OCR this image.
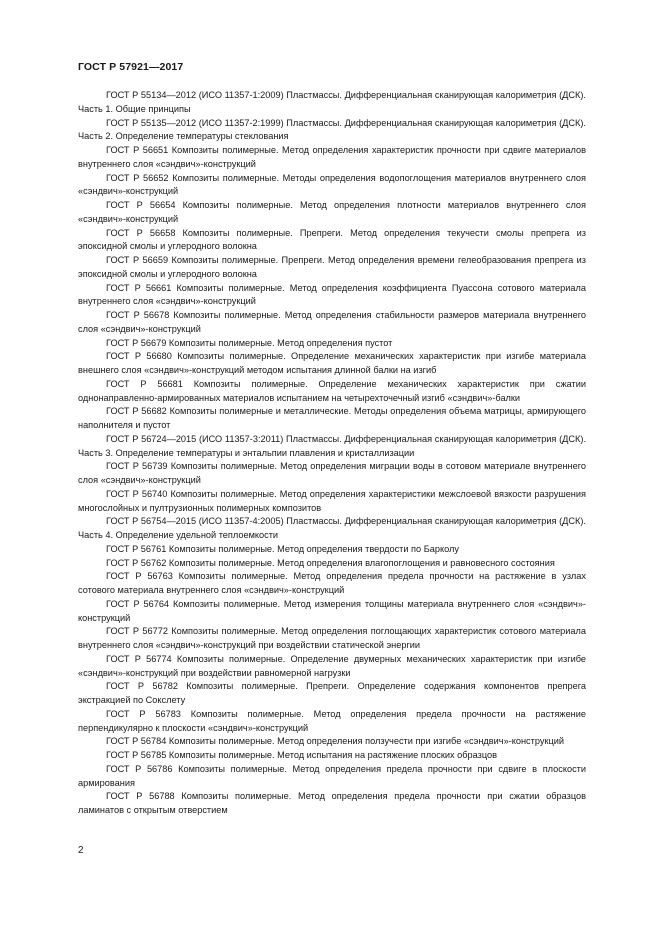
ГОСТ Р 57921—2017

ГОСТ Р 55134—2012 (ИСО 11357-1:2009) Пластмассы. Дифференциальная сканирующая калориметрия (ДСК). Часть 1. Общие принципы

ГОСТ Р 55135—2012 (ИСО 11357-2:1999) Пластмассы. Дифференциальная сканирующая калориметрия (ДСК). Часть 2. Определение температуры стеклования

ГОСТ Р 56651 Композиты полимерные. Метод определения характеристик прочности при сдвиге материалов внутреннего слоя «сэндвич»-конструкций

ГОСТ Р 56652 Композиты полимерные. Методы определения водопоглощения материалов внутреннего слоя «сэндвич»-конструкций

ГОСТ Р 56654 Композиты полимерные. Метод определения плотности материалов внутреннего слоя «сэндвич»-конструкций

ГОСТ Р 56658 Композиты полимерные. Препреги. Метод определения текучести смолы препрега из эпоксидной смолы и углеродного волокна

ГОСТ Р 56659 Композиты полимерные. Препреги. Метод определения времени гелеобразования препрега из эпоксидной смолы и углеродного волокна

ГОСТ Р 56661 Композиты полимерные. Метод определения коэффициента Пуассона сотового материала внутреннего слоя «сэндвич»-конструкций

ГОСТ Р 56678 Композиты полимерные. Метод определения стабильности размеров материала внутреннего слоя «сэндвич»-конструкций

ГОСТ Р 56679 Композиты полимерные. Метод определения пустот

ГОСТ Р 56680 Композиты полимерные. Определение механических характеристик при изгибе материала внешнего слоя «сэндвич»-конструкций методом испытания длинной балки на изгиб

ГОСТ Р 56681 Композиты полимерные. Определение механических характеристик при сжатии однонаправленно-армированных материалов испытанием на четырехточечный изгиб «сэндвич»-балки

ГОСТ Р 56682 Композиты полимерные и металлические. Методы определения объема матрицы, армирующего наполнителя и пустот

ГОСТ Р 56724—2015 (ИСО 11357-3:2011) Пластмассы. Дифференциальная сканирующая калориметрия (ДСК). Часть 3. Определение температуры и энтальпии плавления и кристаллизации

ГОСТ Р 56739 Композиты полимерные. Метод определения миграции воды в сотовом материале внутреннего слоя «сэндвич»-конструкций

ГОСТ Р 56740 Композиты полимерные. Метод определения характеристики межслоевой вязкости разрушения многослойных и пултрузионных полимерных композитов

ГОСТ Р 56754—2015 (ИСО 11357-4:2005) Пластмассы. Дифференциальная сканирующая калориметрия (ДСК). Часть 4. Определение удельной теплоемкости

ГОСТ Р 56761 Композиты полимерные. Метод определения твердости по Барколу

ГОСТ Р 56762 Композиты полимерные. Метод определения влагопоглощения и равновесного состояния

ГОСТ Р 56763 Композиты полимерные. Метод определения предела прочности на растяжение в узлах сотового материала внутреннего слоя «сэндвич»-конструкций

ГОСТ Р 56764 Композиты полимерные. Метод измерения толщины материала внутреннего слоя «сэндвич»-конструкций

ГОСТ Р 56772 Композиты полимерные. Метод определения поглощающих характеристик сотового материала внутреннего слоя «сэндвич»-конструкций при воздействии статической энергии

ГОСТ Р 56774 Композиты полимерные. Определение двумерных механических характеристик при изгибе «сэндвич»-конструкций при воздействии равномерной нагрузки

ГОСТ Р 56782 Композиты полимерные. Препреги. Определение содержания компонентов препрега экстракцией по Сокслету

ГОСТ Р 56783 Композиты полимерные. Метод определения предела прочности на растяжение перпендикулярно к плоскости «сэндвич»-конструкций

ГОСТ Р 56784 Композиты полимерные. Метод определения ползучести при изгибе «сэндвич»-конструкций

ГОСТ Р 56785 Композиты полимерные. Метод испытания на растяжение плоских образцов

ГОСТ Р 56786 Композиты полимерные. Метод определения предела прочности при сдвиге в плоскости армирования

ГОСТ Р 56788 Композиты полимерные. Метод определения предела прочности при сжатии образцов ламинатов с открытым отверстием

2
